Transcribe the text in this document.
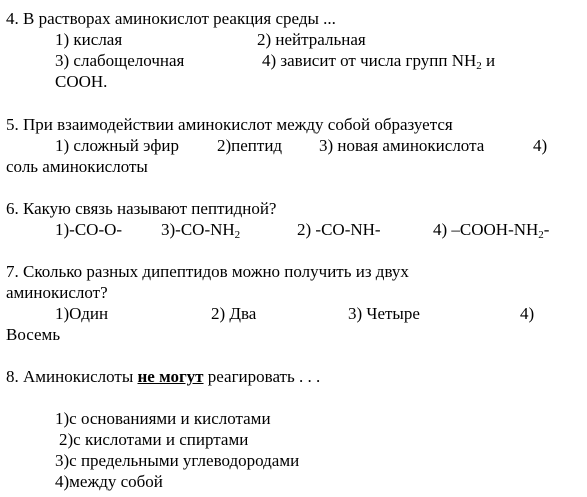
4. В растворах аминокислот реакция среды ...
1) кислая	2) нейтральная
3) слабощелочная	4) зависит от числа групп $NH_2$ и
COOH.
5. При взаимодействии аминокислот между собой образуется
1) сложный эфир 2)пептид 3) новая аминокислота	4)
соль аминокислоты
6. Какую связь называют пептидной?
1)-CO-O- $3)-CO-NH_2$	2) -CO-NH-	4) $-COOH-NH_2-$
7. Сколько разных дипептидов можно получить из двух
аминокислот?
1)Один	2) Два	3) Четыре	4)
Восемь
8. Аминокислоты не могут реагировать . . .
1)с основаниями и кислотами
2)с кислотами и спиртами
3)с предельными углеводородами
4)между собой
